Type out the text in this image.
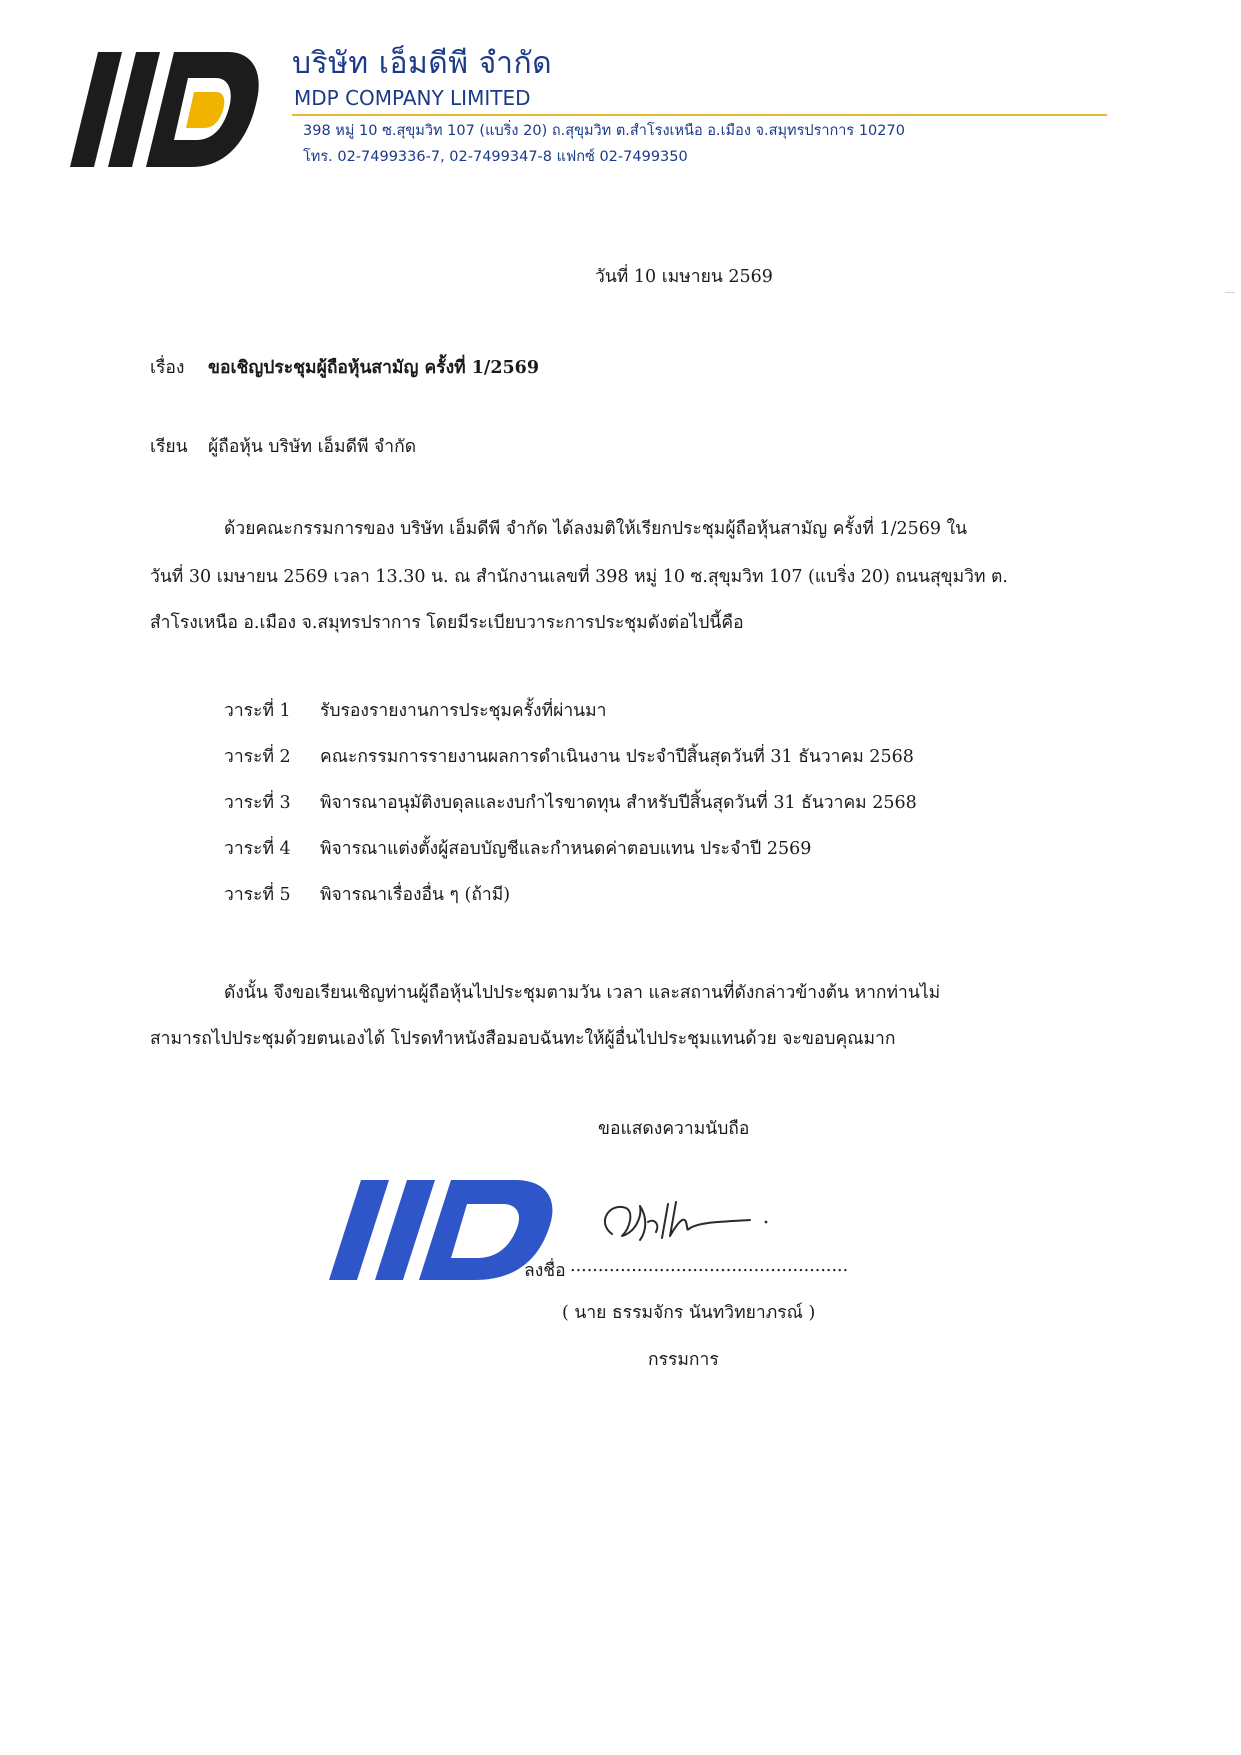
บริษัท เอ็มดีพี จำกัด
MDP COMPANY LIMITED
398 หมู่ 10 ซ.สุขุมวิท 107 (แบริ่ง 20) ถ.สุขุมวิท ต.สำโรงเหนือ อ.เมือง จ.สมุทรปราการ 10270
โทร. 02-7499336-7, 02-7499347-8 แฟกซ์ 02-7499350
วันที่ 10 เมษายน 2569
เรื่อง ขอเชิญประชุมผู้ถือหุ้นสามัญ ครั้งที่ 1/2569
เรียน ผู้ถือหุ้น บริษัท เอ็มดีพี จำกัด
ด้วยคณะกรรมการของ บริษัท เอ็มดีพี จำกัด ได้ลงมติให้เรียกประชุมผู้ถือหุ้นสามัญ ครั้งที่ 1/2569 ใน
วันที่ 30 เมษายน 2569 เวลา 13.30 น. ณ สำนักงานเลขที่ 398 หมู่ 10 ซ.สุขุมวิท 107 (แบริ่ง 20) ถนนสุขุมวิท ต.
สำโรงเหนือ อ.เมือง จ.สมุทรปราการ โดยมีระเบียบวาระการประชุมดังต่อไปนี้คือ
วาระที่ 1 รับรองรายงานการประชุมครั้งที่ผ่านมา
วาระที่ 2 คณะกรรมการรายงานผลการดำเนินงาน ประจำปีสิ้นสุดวันที่ 31 ธันวาคม 2568
วาระที่ 3 พิจารณาอนุมัติงบดุลและงบกำไรขาดทุน สำหรับปีสิ้นสุดวันที่ 31 ธันวาคม 2568
วาระที่ 4 พิจารณาแต่งตั้งผู้สอบบัญชีและกำหนดค่าตอบแทน ประจำปี 2569
วาระที่ 5 พิจารณาเรื่องอื่น ๆ (ถ้ามี)
ดังนั้น จึงขอเรียนเชิญท่านผู้ถือหุ้นไปประชุมตามวัน เวลา และสถานที่ดังกล่าวข้างต้น หากท่านไม่
สามารถไปประชุมด้วยตนเองได้ โปรดทำหนังสือมอบฉันทะให้ผู้อื่นไปประชุมแทนด้วย จะขอบคุณมาก
ขอแสดงความนับถือ
ลงชื่อ ..................................................
( นาย ธรรมจักร นันทวิทยาภรณ์ )
กรรมการ
